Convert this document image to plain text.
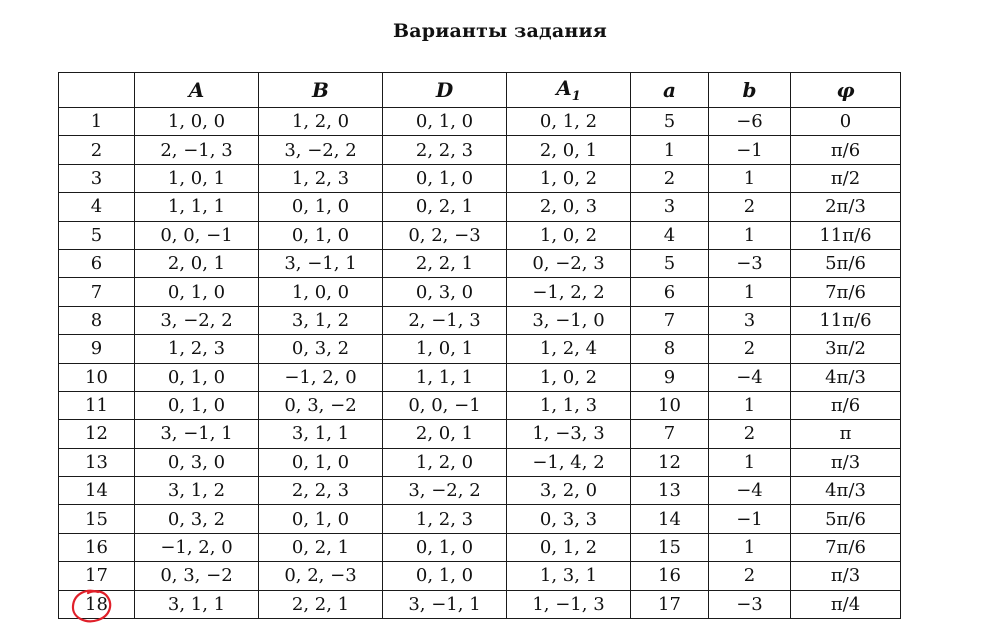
Варианты задания
	A	B	D	$A_1$	a	b	φ
1	1, 0, 0	1, 2, 0	0, 1, 0	0, 1, 2	5	−6	0
2	2, −1, 3	3, −2, 2	2, 2, 3	2, 0, 1	1	−1	π/6
3	1, 0, 1	1, 2, 3	0, 1, 0	1, 0, 2	2	1	π/2
4	1, 1, 1	0, 1, 0	0, 2, 1	2, 0, 3	3	2	2π/3
5	0, 0, −1	0, 1, 0	0, 2, −3	1, 0, 2	4	1	11π/6
6	2, 0, 1	3, −1, 1	2, 2, 1	0, −2, 3	5	−3	5π/6
7	0, 1, 0	1, 0, 0	0, 3, 0	−1, 2, 2	6	1	7π/6
8	3, −2, 2	3, 1, 2	2, −1, 3	3, −1, 0	7	3	11π/6
9	1, 2, 3	0, 3, 2	1, 0, 1	1, 2, 4	8	2	3π/2
10	0, 1, 0	−1, 2, 0	1, 1, 1	1, 0, 2	9	−4	4π/3
11	0, 1, 0	0, 3, −2	0, 0, −1	1, 1, 3	10	1	π/6
12	3, −1, 1	3, 1, 1	2, 0, 1	1, −3, 3	7	2	π
13	0, 3, 0	0, 1, 0	1, 2, 0	−1, 4, 2	12	1	π/3
14	3, 1, 2	2, 2, 3	3, −2, 2	3, 2, 0	13	−4	4π/3
15	0, 3, 2	0, 1, 0	1, 2, 3	0, 3, 3	14	−1	5π/6
16	−1, 2, 0	0, 2, 1	0, 1, 0	0, 1, 2	15	1	7π/6
17	0, 3, −2	0, 2, −3	0, 1, 0	1, 3, 1	16	2	π/3
18	3, 1, 1	2, 2, 1	3, −1, 1	1, −1, 3	17	−3	π/4
